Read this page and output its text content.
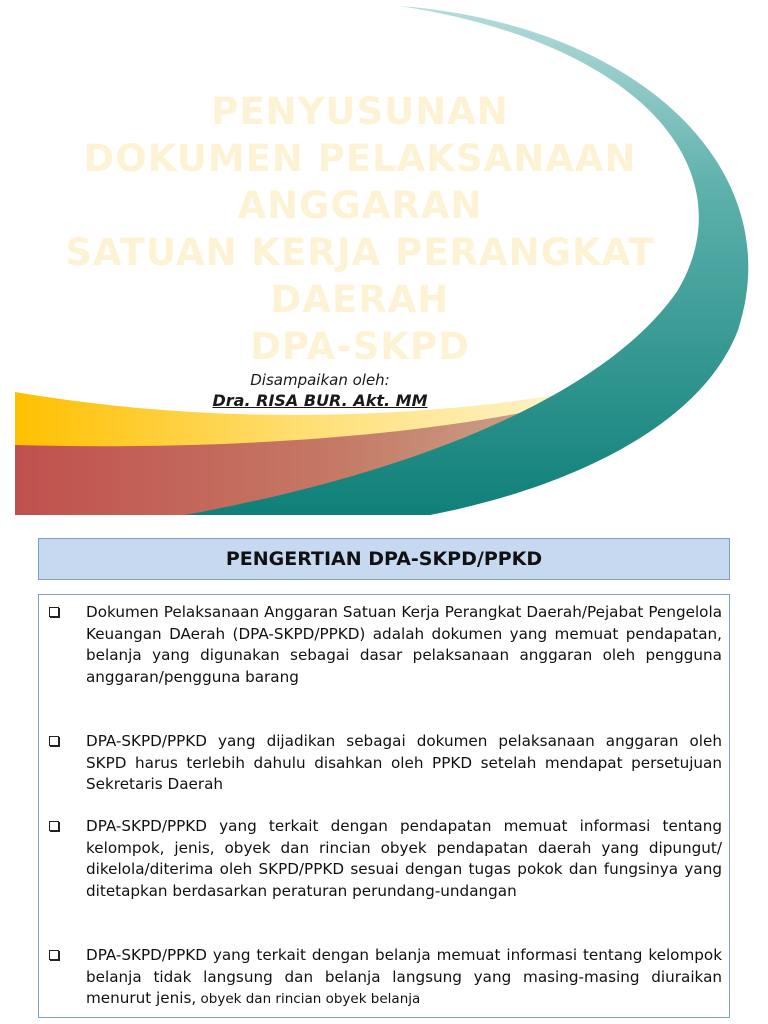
PENYUSUNAN
DOKUMEN PELAKSANAAN
ANGGARAN
SATUAN KERJA PERANGKAT
DAERAH
DPA-SKPD
Disampaikan oleh:
Dra. RISA BUR. Akt. MM
PENGERTIAN DPA-SKPD/PPKD
Dokumen Pelaksanaan Anggaran Satuan Kerja Perangkat Daerah/Pejabat Pengelola Keuangan DAerah (DPA-SKPD/PPKD) adalah dokumen yang memuat pendapatan, belanja yang digunakan sebagai dasar pelaksanaan anggaran oleh pengguna anggaran/pengguna barang
DPA-SKPD/PPKD yang dijadikan sebagai dokumen pelaksanaan anggaran oleh SKPD harus terlebih dahulu disahkan oleh PPKD setelah mendapat persetujuan Sekretaris Daerah
DPA-SKPD/PPKD yang terkait dengan pendapatan memuat informasi tentang kelompok, jenis, obyek dan rincian obyek pendapatan daerah yang dipungut/ dikelola/diterima oleh SKPD/PPKD sesuai dengan tugas pokok dan fungsinya yang ditetapkan berdasarkan peraturan perundang-undangan
DPA-SKPD/PPKD yang terkait dengan belanja memuat informasi tentang kelompok belanja tidak langsung dan belanja langsung yang masing-masing diuraikan menurut jenis, obyek dan rincian obyek belanja
